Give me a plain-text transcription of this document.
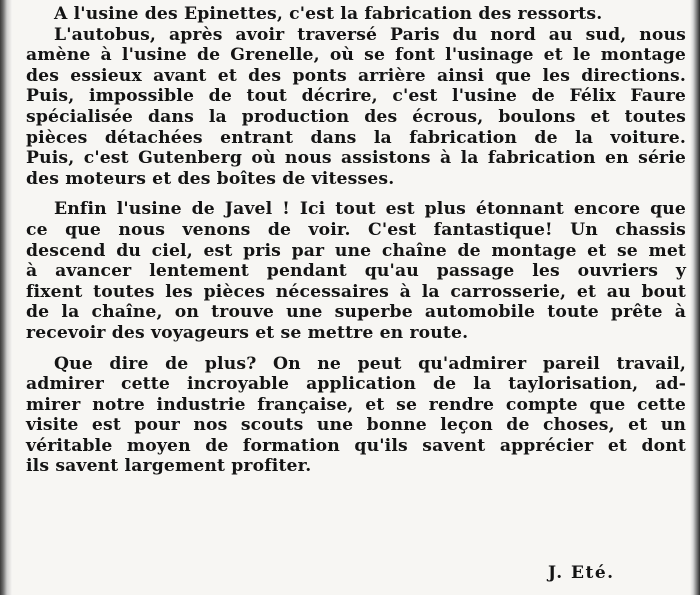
A l'usine des Epinettes, c'est la fabrication des ressorts.
L'autobus, après avoir traversé Paris du nord au sud, nous
amène à l'usine de Grenelle, où se font l'usinage et le montage
des essieux avant et des ponts arrière ainsi que les directions.
Puis, impossible de tout décrire, c'est l'usine de Félix Faure
spécialisée dans la production des écrous, boulons et toutes
pièces détachées entrant dans la fabrication de la voiture.
Puis, c'est Gutenberg où nous assistons à la fabrication en série
des moteurs et des boîtes de vitesses.
Enfin l'usine de Javel ! Ici tout est plus étonnant encore que
ce que nous venons de voir. C'est fantastique! Un chassis
descend du ciel, est pris par une chaîne de montage et se met
à avancer lentement pendant qu'au passage les ouvriers y
fixent toutes les pièces nécessaires à la carrosserie, et au bout
de la chaîne, on trouve une superbe automobile toute prête à
recevoir des voyageurs et se mettre en route.
Que dire de plus? On ne peut qu'admirer pareil travail,
admirer cette incroyable application de la taylorisation, ad-
mirer notre industrie française, et se rendre compte que cette
visite est pour nos scouts une bonne leçon de choses, et un
véritable moyen de formation qu'ils savent apprécier et dont
ils savent largement profiter.
J. Eté.
